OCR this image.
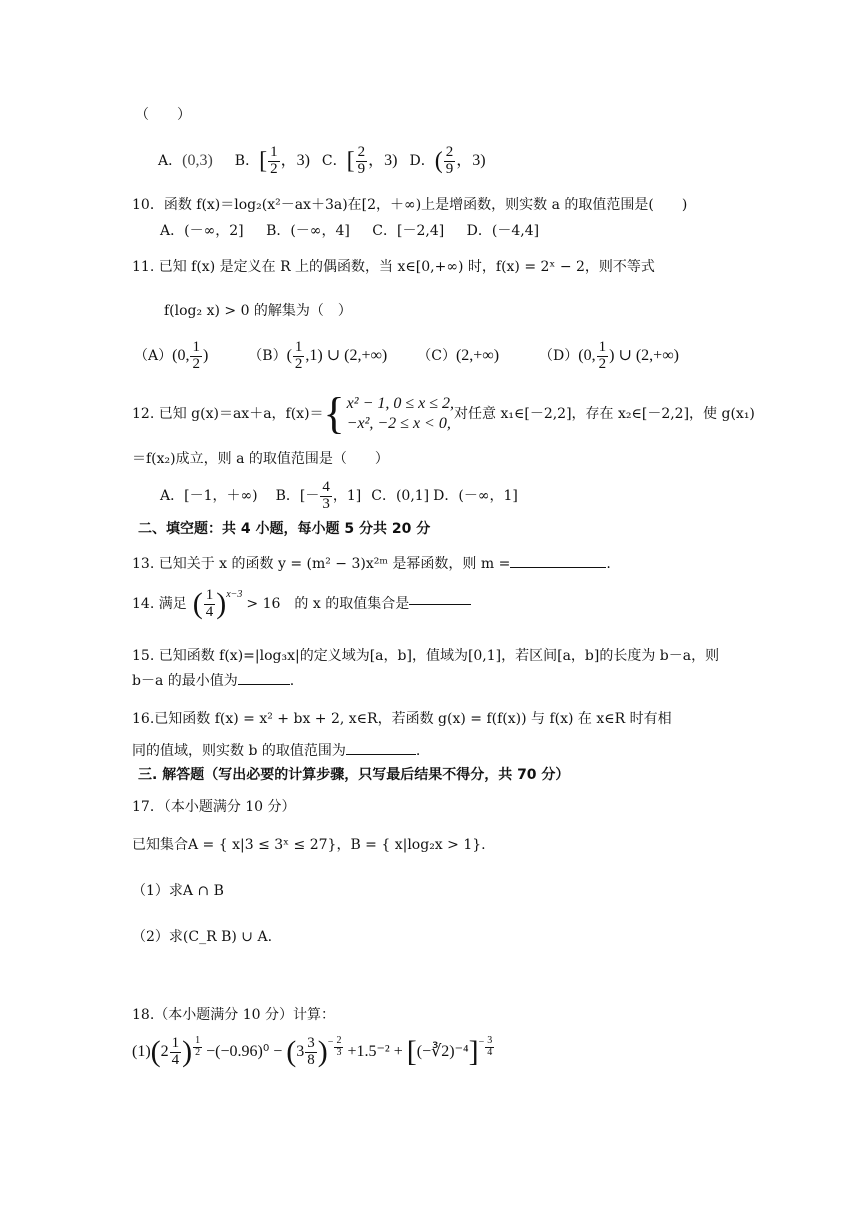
（　　）
A． (0,3) B． [ $\frac{1}{2}$ ，3) C． [ $\frac{2}{9}$ ，3) D． ( $\frac{2}{9}$ ，3)
10．函数 f(x)＝log₂(x²－ax＋3a)在[2，＋∞)上是增函数，则实数 a 的取值范围是(　　)
A．(－∞，2] B．(－∞，4] C．[－2,4] D．(－4,4]
11. 已知 f(x) 是定义在 R 上的偶函数，当 x∈[0,+∞) 时，f(x) = 2ˣ − 2，则不等式
f(log₂ x) > 0 的解集为（　）
（A） (0, $\frac{1}{2}$ )	（B） ( $\frac{1}{2} ,1$) ∪ (2,+∞) （C） (2,+∞)	（D） (0, $\frac{1}{2}$ ) ∪ (2,+∞)
12. 已知 g(x)＝ax＋a，f(x)＝ { x² − 1, 0 ≤ x ≤ 2,
−x², −2 ≤ x < 0,
对任意 x₁∈[－2,2]，存在 x₂∈[－2,2]，使 g(x₁)
＝f(x₂)成立，则 a 的取值范围是（　　）
A．[－1，＋∞) B．[－ $\frac{4}{3}$ ，1] C．(0,1] D．(－∞，1]
二、填空题：共 4 小题，每小题 5 分共 20 分
13. 已知关于 x 的函数 y = (m² − 3)x²ᵐ 是幂函数，则 m =	.
14. 满足 ( $\frac{1}{4}$ ) x−3
> 16　的 x 的取值集合是
15. 已知函数 f(x)=|log₃x|的定义域为[a，b]，值域为[0,1]，若区间[a，b]的长度为 b－a，则
b－a 的最小值为	.
16.已知函数 f(x) = x² + bx + 2, x∈R，若函数 g(x) = f(f(x)) 与 f(x) 在 x∈R 时有相
同的值域，则实数 b 的取值范围为	.
三. 解答题（写出必要的计算步骤，只写最后结果不得分，共 70 分）
17．（本小题满分 10 分）
已知集合A = { x|3 ≤ 3ˣ ≤ 27}，B = { x|log₂x > 1}.
（1）求A ∩ B
（2）求(C_R B) ∪ A.
18.（本小题满分 10 分）计算：
(1) ( $2 \frac{1}{4}$ ) $\frac{1}{2} -(-0.96)^0$ − ( $3 \frac{3}{8}$ ) − $\frac{2}{3} +1.5^{-2}$ + [ (−∛2)⁻⁴ ] − $\frac{3}{4}$
